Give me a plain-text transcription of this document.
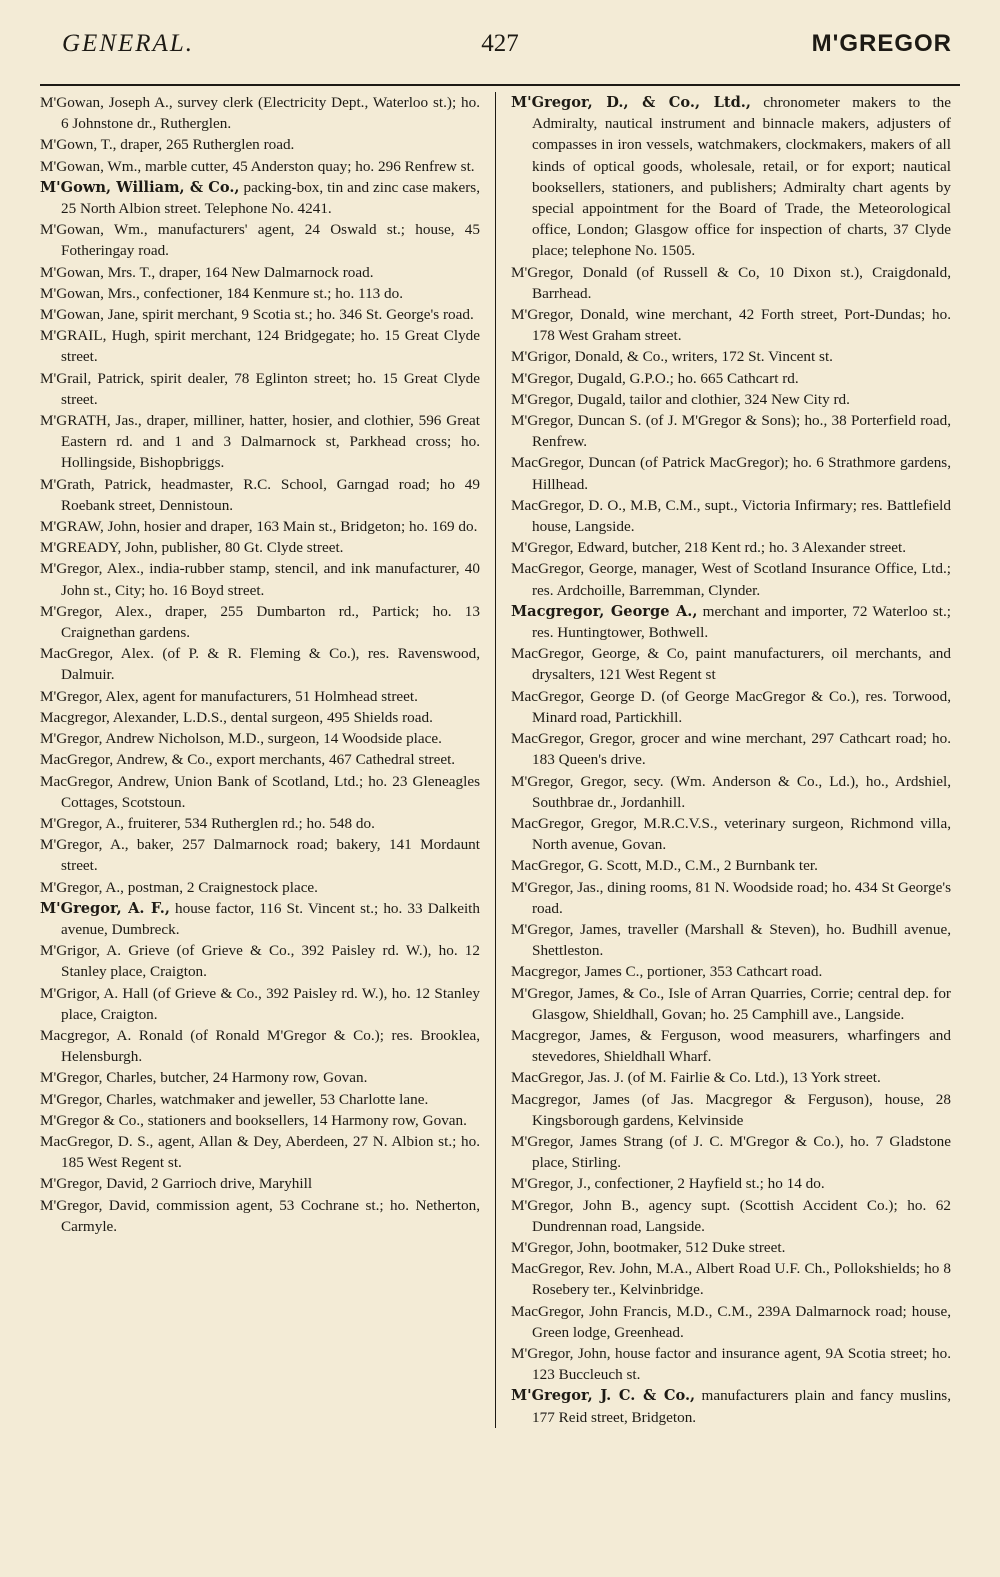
GENERAL.	427	M'GREGOR

M'Gowan, Joseph A., survey clerk (Electricity Dept., Waterloo st.); ho. 6 Johnstone dr., Rutherglen.

M'Gown, T., draper, 265 Rutherglen road.

M'Gowan, Wm., marble cutter, 45 Anderston quay; ho. 296 Renfrew st.

M'Gown, William, & Co., packing-box, tin and zinc case makers, 25 North Albion street. Telephone No. 4241.

M'Gowan, Wm., manufacturers' agent, 24 Oswald st.; house, 45 Fotheringay road.

M'Gowan, Mrs. T., draper, 164 New Dalmarnock road.

M'Gowan, Mrs., confectioner, 184 Kenmure st.; ho. 113 do.

M'Gowan, Jane, spirit merchant, 9 Scotia st.; ho. 346 St. George's road.

M'GRAIL, Hugh, spirit merchant, 124 Bridgegate; ho. 15 Great Clyde street.

M'Grail, Patrick, spirit dealer, 78 Eglinton street; ho. 15 Great Clyde street.

M'GRATH, Jas., draper, milliner, hatter, hosier, and clothier, 596 Great Eastern rd. and 1 and 3 Dalmarnock st, Parkhead cross; ho. Hollingside, Bishopbriggs.

M'Grath, Patrick, headmaster, R.C. School, Garngad road; ho 49 Roebank street, Dennistoun.

M'GRAW, John, hosier and draper, 163 Main st., Bridgeton; ho. 169 do.

M'GREADY, John, publisher, 80 Gt. Clyde street.

M'Gregor, Alex., india-rubber stamp, stencil, and ink manufacturer, 40 John st., City; ho. 16 Boyd street.

M'Gregor, Alex., draper, 255 Dumbarton rd., Partick; ho. 13 Craignethan gardens.

MacGregor, Alex. (of P. & R. Fleming & Co.), res. Ravenswood, Dalmuir.

M'Gregor, Alex, agent for manufacturers, 51 Holmhead street.

Macgregor, Alexander, L.D.S., dental surgeon, 495 Shields road.

M'Gregor, Andrew Nicholson, M.D., surgeon, 14 Woodside place.

MacGregor, Andrew, & Co., export merchants, 467 Cathedral street.

MacGregor, Andrew, Union Bank of Scotland, Ltd.; ho. 23 Gleneagles Cottages, Scotstoun.

M'Gregor, A., fruiterer, 534 Rutherglen rd.; ho. 548 do.

M'Gregor, A., baker, 257 Dalmarnock road; bakery, 141 Mordaunt street.

M'Gregor, A., postman, 2 Craignestock place.

M'Gregor, A. F., house factor, 116 St. Vincent st.; ho. 33 Dalkeith avenue, Dumbreck.

M'Grigor, A. Grieve (of Grieve & Co., 392 Paisley rd. W.), ho. 12 Stanley place, Craigton.

M'Grigor, A. Hall (of Grieve & Co., 392 Paisley rd. W.), ho. 12 Stanley place, Craigton.

Macgregor, A. Ronald (of Ronald M'Gregor & Co.); res. Brooklea, Helensburgh.

M'Gregor, Charles, butcher, 24 Harmony row, Govan.

M'Gregor, Charles, watchmaker and jeweller, 53 Charlotte lane.

M'Gregor & Co., stationers and booksellers, 14 Harmony row, Govan.

MacGregor, D. S., agent, Allan & Dey, Aberdeen, 27 N. Albion st.; ho. 185 West Regent st.

M'Gregor, David, 2 Garrioch drive, Maryhill

M'Gregor, David, commission agent, 53 Cochrane st.; ho. Netherton, Carmyle.

M'Gregor, D., & Co., Ltd., chronometer makers to the Admiralty, nautical instrument and binnacle makers, adjusters of compasses in iron vessels, watchmakers, clockmakers, makers of all kinds of optical goods, wholesale, retail, or for export; nautical booksellers, stationers, and publishers; Admiralty chart agents by special appointment for the Board of Trade, the Meteorological office, London; Glasgow office for inspection of charts, 37 Clyde place; telephone No. 1505.

M'Gregor, Donald (of Russell & Co, 10 Dixon st.), Craigdonald, Barrhead.

M'Gregor, Donald, wine merchant, 42 Forth street, Port-Dundas; ho. 178 West Graham street.

M'Grigor, Donald, & Co., writers, 172 St. Vincent st.

M'Gregor, Dugald, G.P.O.; ho. 665 Cathcart rd.

M'Gregor, Dugald, tailor and clothier, 324 New City rd.

M'Gregor, Duncan S. (of J. M'Gregor & Sons); ho., 38 Porterfield road, Renfrew.

MacGregor, Duncan (of Patrick MacGregor); ho. 6 Strathmore gardens, Hillhead.

MacGregor, D. O., M.B, C.M., supt., Victoria Infirmary; res. Battlefield house, Langside.

M'Gregor, Edward, butcher, 218 Kent rd.; ho. 3 Alexander street.

MacGregor, George, manager, West of Scotland Insurance Office, Ltd.; res. Ardchoille, Barremman, Clynder.

Macgregor, George A., merchant and importer, 72 Waterloo st.; res. Huntingtower, Bothwell.

MacGregor, George, & Co, paint manufacturers, oil merchants, and drysalters, 121 West Regent st

MacGregor, George D. (of George MacGregor & Co.), res. Torwood, Minard road, Partickhill.

MacGregor, Gregor, grocer and wine merchant, 297 Cathcart road; ho. 183 Queen's drive.

M'Gregor, Gregor, secy. (Wm. Anderson & Co., Ld.), ho., Ardshiel, Southbrae dr., Jordanhill.

MacGregor, Gregor, M.R.C.V.S., veterinary surgeon, Richmond villa, North avenue, Govan.

MacGregor, G. Scott, M.D., C.M., 2 Burnbank ter.

M'Gregor, Jas., dining rooms, 81 N. Woodside road; ho. 434 St George's road.

M'Gregor, James, traveller (Marshall & Steven), ho. Budhill avenue, Shettleston.

Macgregor, James C., portioner, 353 Cathcart road.

M'Gregor, James, & Co., Isle of Arran Quarries, Corrie; central dep. for Glasgow, Shieldhall, Govan; ho. 25 Camphill ave., Langside.

Macgregor, James, & Ferguson, wood measurers, wharfingers and stevedores, Shieldhall Wharf.

MacGregor, Jas. J. (of M. Fairlie & Co. Ltd.), 13 York street.

Macgregor, James (of Jas. Macgregor & Ferguson), house, 28 Kingsborough gardens, Kelvinside

M'Gregor, James Strang (of J. C. M'Gregor & Co.), ho. 7 Gladstone place, Stirling.

M'Gregor, J., confectioner, 2 Hayfield st.; ho 14 do.

M'Gregor, John B., agency supt. (Scottish Accident Co.); ho. 62 Dundrennan road, Langside.

M'Gregor, John, bootmaker, 512 Duke street.

MacGregor, Rev. John, M.A., Albert Road U.F. Ch., Pollokshields; ho 8 Rosebery ter., Kelvinbridge.

MacGregor, John Francis, M.D., C.M., 239A Dalmarnock road; house, Green lodge, Greenhead.

M'Gregor, John, house factor and insurance agent, 9A Scotia street; ho. 123 Buccleuch st.

M'Gregor, J. C. & Co., manufacturers plain and fancy muslins, 177 Reid street, Bridgeton.
